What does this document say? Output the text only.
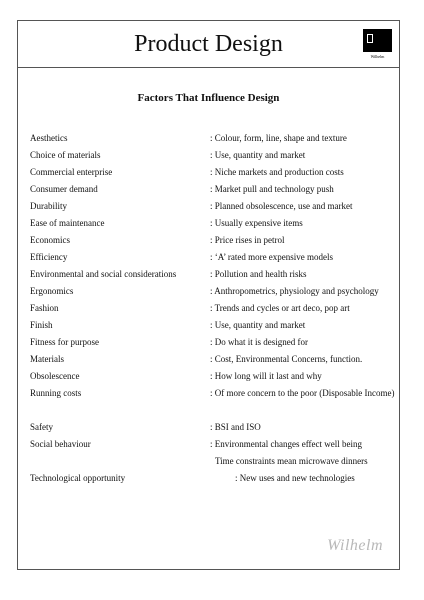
Product Design	Wilhelm
Factors That Influence Design
Aesthetics	: Colour, form, line, shape and texture
Choice of materials	: Use, quantity and market
Commercial enterprise	: Niche markets and production costs
Consumer demand	: Market pull and technology push
Durability	: Planned obsolescence, use and market
Ease of maintenance	: Usually expensive items
Economics	: Price rises in petrol
Efficiency	: ‘A’ rated more expensive models
Environmental and social considerations	: Pollution and health risks
Ergonomics	: Anthropometrics, physiology and psychology
Fashion	: Trends and cycles or art deco, pop art
Finish	: Use, quantity and market
Fitness for purpose	: Do what it is designed for
Materials	: Cost, Environmental Concerns, function.
Obsolescence	: How long will it last and why
Running costs	: Of more concern to the poor (Disposable Income)
Safety	: BSI and ISO
Social behaviour	: Environmental changes effect well being
Time constraints mean microwave dinners
Technological opportunity	: New uses and new technologies
Wilhelm
